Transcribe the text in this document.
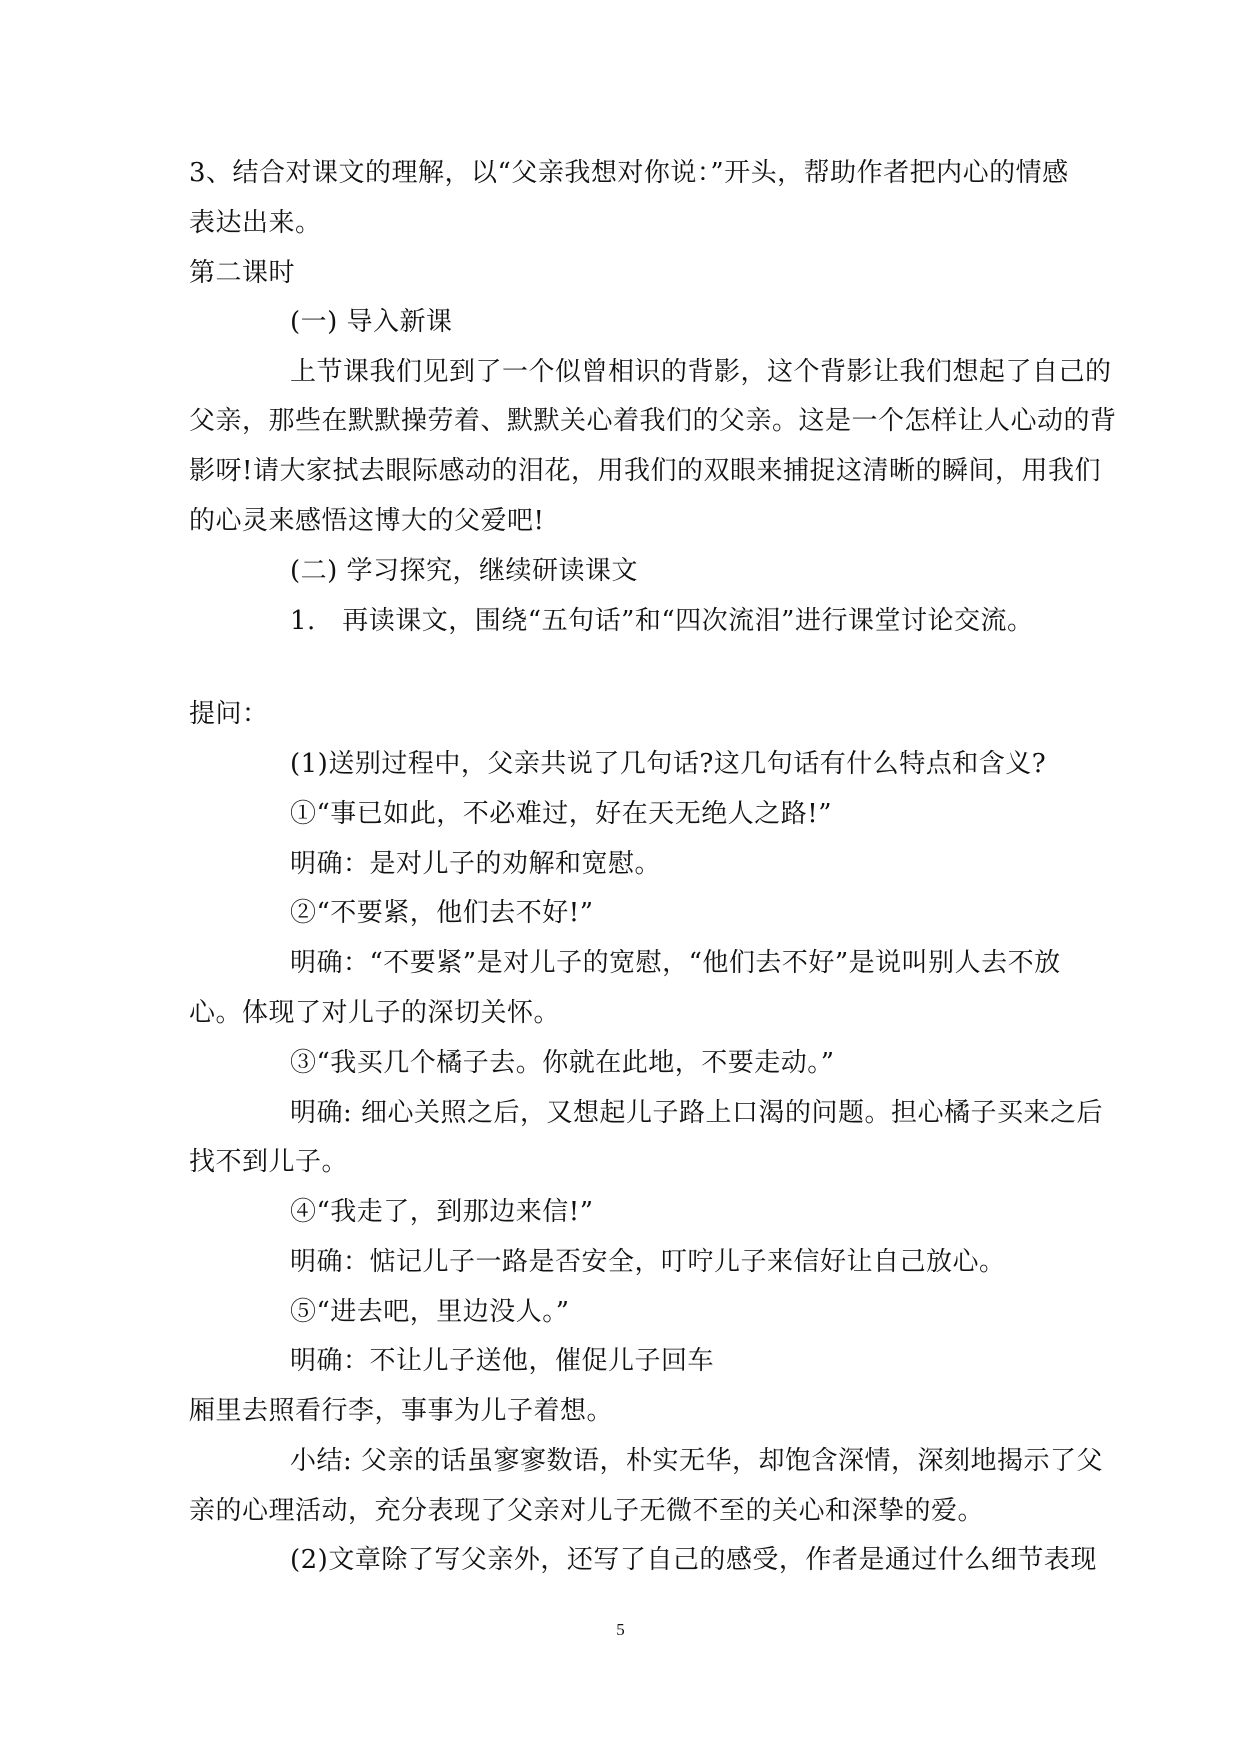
3、结合对课文的理解，以“父亲我想对你说：”开头，帮助作者把内心的情感
表达出来。
第二课时
(一) 导入新课
上节课我们见到了一个似曾相识的背影，这个背影让我们想起了自己的
父亲，那些在默默操劳着、默默关心着我们的父亲。这是一个怎样让人心动的背
影呀!请大家拭去眼际感动的泪花，用我们的双眼来捕捉这清晰的瞬间，用我们
的心灵来感悟这博大的父爱吧!
(二) 学习探究，继续研读课文
1.　再读课文，围绕“五句话”和“四次流泪”进行课堂讨论交流。
提问：
(1)送别过程中，父亲共说了几句话?这几句话有什么特点和含义?
①“事已如此，不必难过，好在天无绝人之路!”
明确：是对儿子的劝解和宽慰。
②“不要紧，他们去不好!”
明确：“不要紧”是对儿子的宽慰，“他们去不好”是说叫别人去不放
心。体现了对儿子的深切关怀。
③“我买几个橘子去。你就在此地，不要走动。”
明确: 细心关照之后，又想起儿子路上口渴的问题。担心橘子买来之后
找不到儿子。
④“我走了，到那边来信!”
明确：惦记儿子一路是否安全，叮咛儿子来信好让自己放心。
⑤“进去吧，里边没人。”
明确：不让儿子送他，催促儿子回车
厢里去照看行李，事事为儿子着想。
小结: 父亲的话虽寥寥数语，朴实无华，却饱含深情，深刻地揭示了父
亲的心理活动，充分表现了父亲对儿子无微不至的关心和深挚的爱。
(2)文章除了写父亲外，还写了自己的感受，作者是通过什么细节表现
5
